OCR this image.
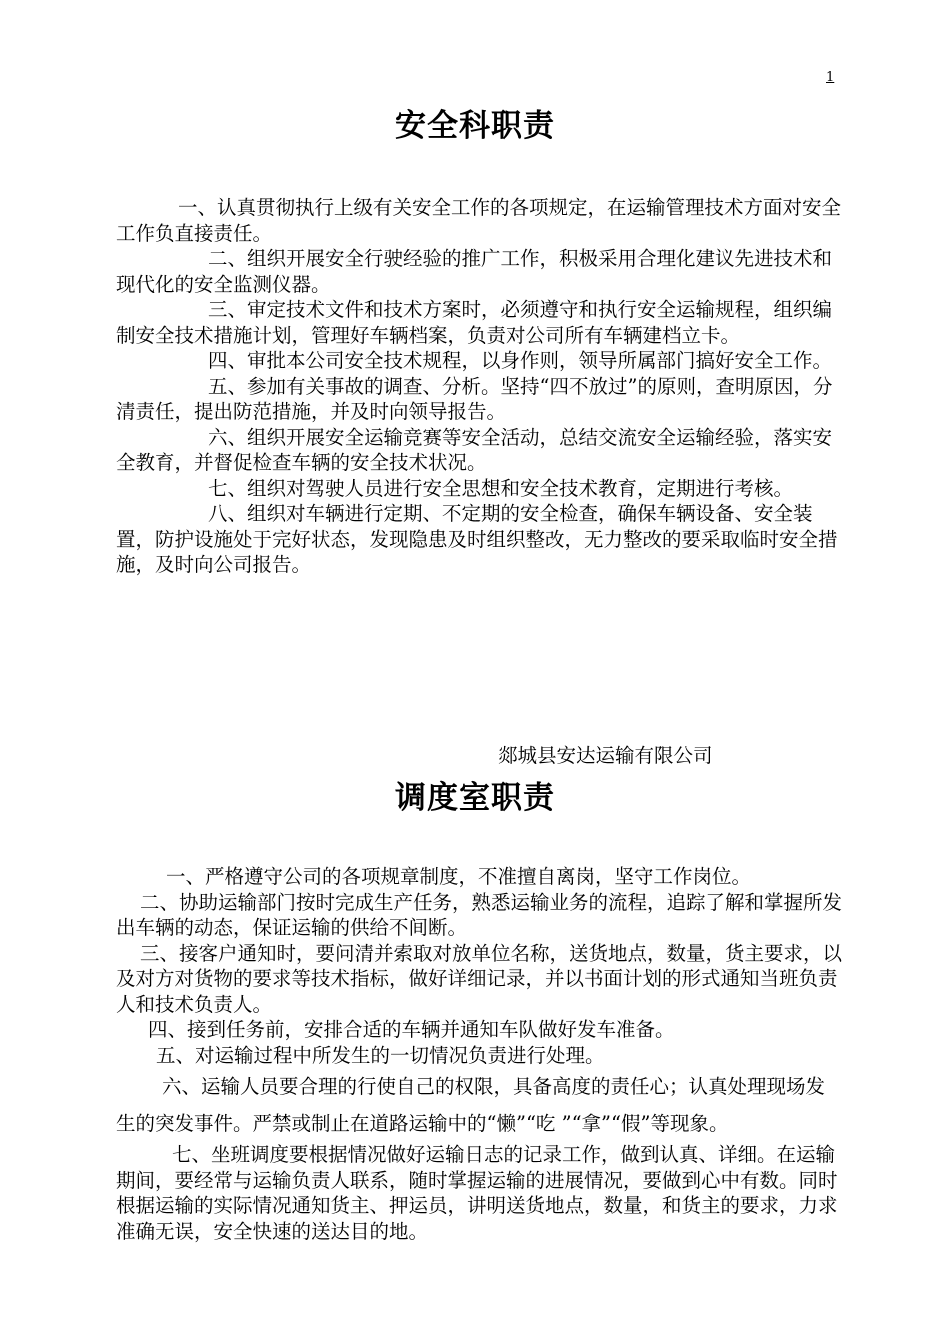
1
安全科职责

一、认真贯彻执行上级有关安全工作的各项规定，在运输管理技术方面对安全工作负直接责任。

二、组织开展安全行驶经验的推广工作，积极采用合理化建议先进技术和现代化的安全监测仪器。

三、审定技术文件和技术方案时，必须遵守和执行安全运输规程，组织编制安全技术措施计划，管理好车辆档案，负责对公司所有车辆建档立卡。

四、审批本公司安全技术规程，以身作则，领导所属部门搞好安全工作。

五、参加有关事故的调查、分析。坚持“四不放过”的原则，查明原因，分清责任，提出防范措施，并及时向领导报告。

六、组织开展安全运输竞赛等安全活动，总结交流安全运输经验，落实安全教育，并督促检查车辆的安全技术状况。

七、组织对驾驶人员进行安全思想和安全技术教育，定期进行考核。

八、组织对车辆进行定期、不定期的安全检查，确保车辆设备、安全装置，防护设施处于完好状态，发现隐患及时组织整改，无力整改的要采取临时安全措施，及时向公司报告。

郯城县安达运输有限公司
调度室职责

一、严格遵守公司的各项规章制度，不准擅自离岗，坚守工作岗位。

二、协助运输部门按时完成生产任务，熟悉运输业务的流程，追踪了解和掌握所发出车辆的动态，保证运输的供给不间断。

三、接客户通知时，要问清并索取对放单位名称，送货地点，数量，货主要求，以及对方对货物的要求等技术指标，做好详细记录，并以书面计划的形式通知当班负责人和技术负责人。

四、接到任务前，安排合适的车辆并通知车队做好发车准备。

五、对运输过程中所发生的一切情况负责进行处理。

六、运输人员要合理的行使自己的权限，具备高度的责任心；认真处理现场发生的突发事件。严禁或制止在道路运输中的“懒”“吃 ”“拿”“假”等现象。

七、坐班调度要根据情况做好运输日志的记录工作，做到认真、详细。在运输期间，要经常与运输负责人联系，随时掌握运输的进展情况，要做到心中有数。同时根据运输的实际情况通知货主、押运员，讲明送货地点，数量，和货主的要求，力求准确无误，安全快速的送达目的地。
